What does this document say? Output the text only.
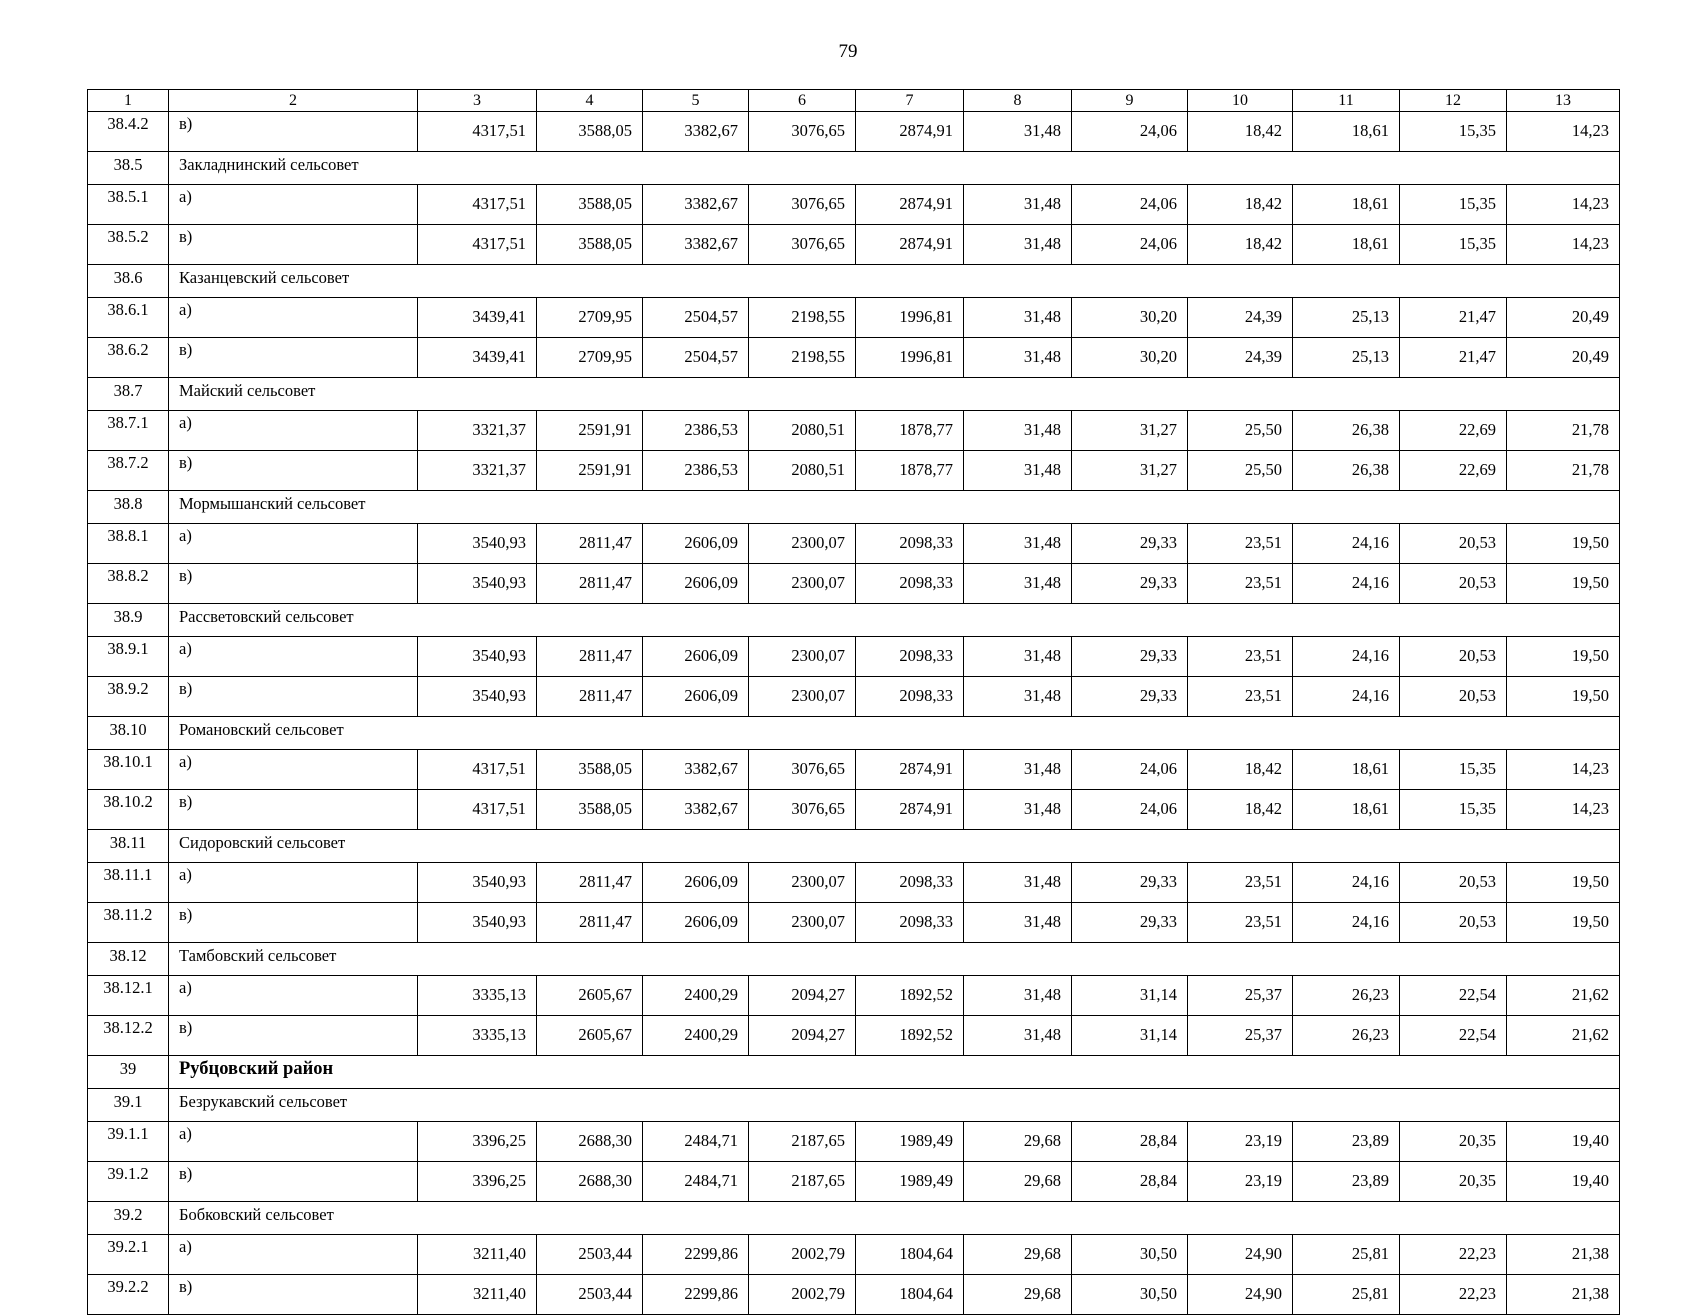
79
1	2	3	4	5	6	7	8	9	10	11	12	13
38.4.2	в)	4317,51	3588,05	3382,67	3076,65	2874,91	31,48	24,06	18,42	18,61	15,35	14,23
38.5	Закладнинский сельсовет											
38.5.1	а)	4317,51	3588,05	3382,67	3076,65	2874,91	31,48	24,06	18,42	18,61	15,35	14,23
38.5.2	в)	4317,51	3588,05	3382,67	3076,65	2874,91	31,48	24,06	18,42	18,61	15,35	14,23
38.6	Казанцевский сельсовет											
38.6.1	а)	3439,41	2709,95	2504,57	2198,55	1996,81	31,48	30,20	24,39	25,13	21,47	20,49
38.6.2	в)	3439,41	2709,95	2504,57	2198,55	1996,81	31,48	30,20	24,39	25,13	21,47	20,49
38.7	Майский сельсовет											
38.7.1	а)	3321,37	2591,91	2386,53	2080,51	1878,77	31,48	31,27	25,50	26,38	22,69	21,78
38.7.2	в)	3321,37	2591,91	2386,53	2080,51	1878,77	31,48	31,27	25,50	26,38	22,69	21,78
38.8	Мормышанский сельсовет											
38.8.1	а)	3540,93	2811,47	2606,09	2300,07	2098,33	31,48	29,33	23,51	24,16	20,53	19,50
38.8.2	в)	3540,93	2811,47	2606,09	2300,07	2098,33	31,48	29,33	23,51	24,16	20,53	19,50
38.9	Рассветовский сельсовет											
38.9.1	а)	3540,93	2811,47	2606,09	2300,07	2098,33	31,48	29,33	23,51	24,16	20,53	19,50
38.9.2	в)	3540,93	2811,47	2606,09	2300,07	2098,33	31,48	29,33	23,51	24,16	20,53	19,50
38.10	Романовский сельсовет											
38.10.1	а)	4317,51	3588,05	3382,67	3076,65	2874,91	31,48	24,06	18,42	18,61	15,35	14,23
38.10.2	в)	4317,51	3588,05	3382,67	3076,65	2874,91	31,48	24,06	18,42	18,61	15,35	14,23
38.11	Сидоровский сельсовет											
38.11.1	а)	3540,93	2811,47	2606,09	2300,07	2098,33	31,48	29,33	23,51	24,16	20,53	19,50
38.11.2	в)	3540,93	2811,47	2606,09	2300,07	2098,33	31,48	29,33	23,51	24,16	20,53	19,50
38.12	Тамбовский сельсовет											
38.12.1	а)	3335,13	2605,67	2400,29	2094,27	1892,52	31,48	31,14	25,37	26,23	22,54	21,62
38.12.2	в)	3335,13	2605,67	2400,29	2094,27	1892,52	31,48	31,14	25,37	26,23	22,54	21,62
39	Рубцовский район											
39.1	Безрукавский сельсовет											
39.1.1	а)	3396,25	2688,30	2484,71	2187,65	1989,49	29,68	28,84	23,19	23,89	20,35	19,40
39.1.2	в)	3396,25	2688,30	2484,71	2187,65	1989,49	29,68	28,84	23,19	23,89	20,35	19,40
39.2	Бобковский сельсовет											
39.2.1	а)	3211,40	2503,44	2299,86	2002,79	1804,64	29,68	30,50	24,90	25,81	22,23	21,38
39.2.2	в)	3211,40	2503,44	2299,86	2002,79	1804,64	29,68	30,50	24,90	25,81	22,23	21,38
